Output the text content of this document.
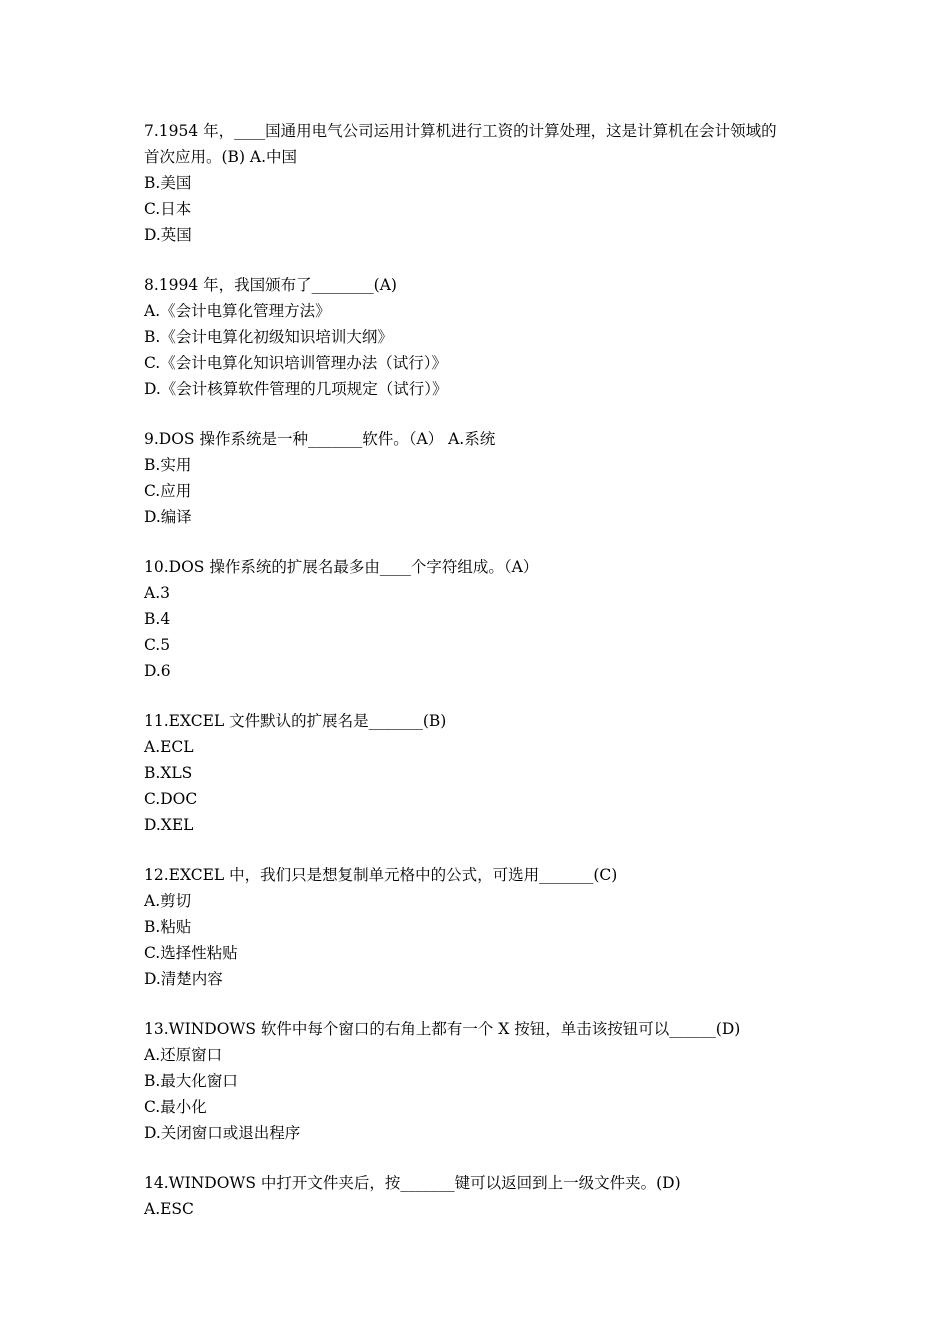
7.1954 年，____国通用电气公司运用计算机进行工资的计算处理，这是计算机在会计领域的
首次应用。(B) A.中国
B.美国
C.日本
D.英国
8.1994 年，我国颁布了________(A)
A.《会计电算化管理方法》
B.《会计电算化初级知识培训大纲》
C.《会计电算化知识培训管理办法（试行）》
D.《会计核算软件管理的几项规定（试行）》
9.DOS 操作系统是一种_______软件。（A） A.系统
B.实用
C.应用
D.编译
10.DOS 操作系统的扩展名最多由____个字符组成。（A）
A.3
B.4
C.5
D.6
11.EXCEL 文件默认的扩展名是_______(B)
A.ECL
B.XLS
C.DOC
D.XEL
12.EXCEL 中，我们只是想复制单元格中的公式，可选用_______(C)
A.剪切
B.粘贴
C.选择性粘贴
D.清楚内容
13.WINDOWS 软件中每个窗口的右角上都有一个 X 按钮，单击该按钮可以______(D)
A.还原窗口
B.最大化窗口
C.最小化
D.关闭窗口或退出程序
14.WINDOWS 中打开文件夹后，按_______键可以返回到上一级文件夹。(D)
A.ESC
